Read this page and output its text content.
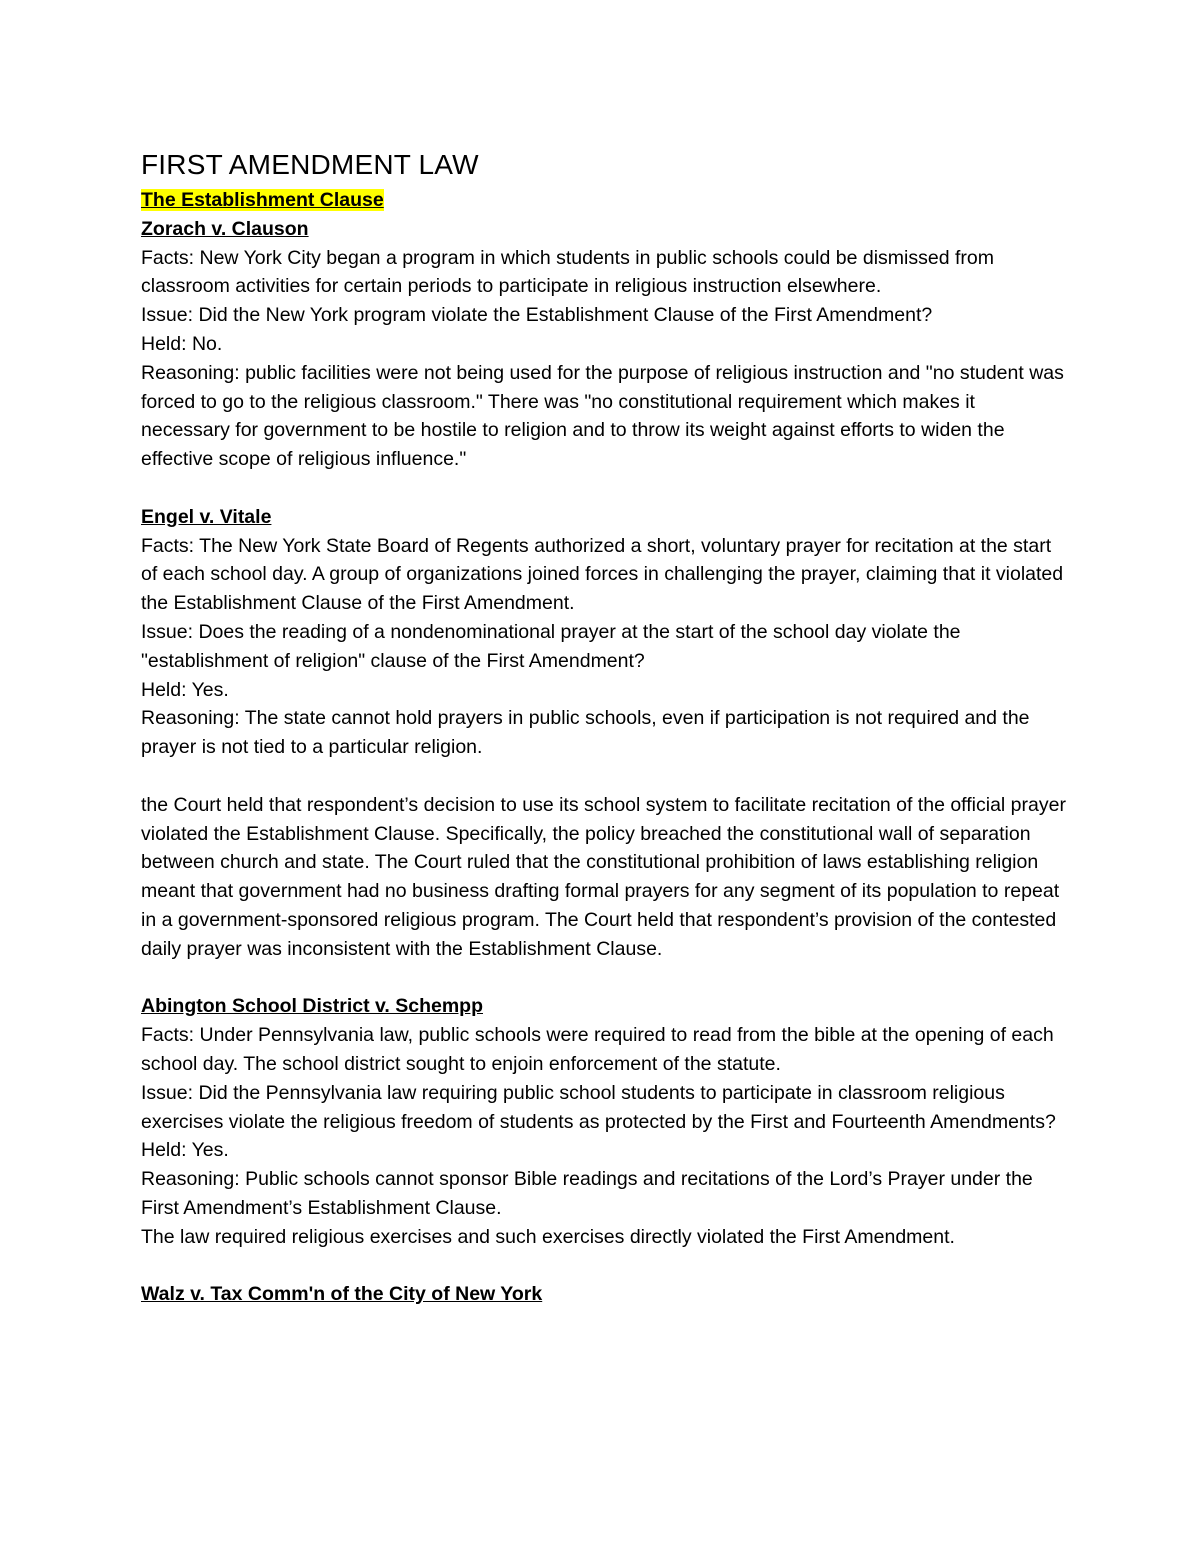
FIRST AMENDMENT LAW
The Establishment Clause
Zorach v. Clauson
Facts: New York City began a program in which students in public schools could be dismissed from classroom activities for certain periods to participate in religious instruction elsewhere.
Issue: Did the New York program violate the Establishment Clause of the First Amendment?
Held: No.
Reasoning: public facilities were not being used for the purpose of religious instruction and "no student was forced to go to the religious classroom." There was "no constitutional requirement which makes it necessary for government to be hostile to religion and to throw its weight against efforts to widen the effective scope of religious influence."
Engel v. Vitale
Facts: The New York State Board of Regents authorized a short, voluntary prayer for recitation at the start of each school day. A group of organizations joined forces in challenging the prayer, claiming that it violated the Establishment Clause of the First Amendment.
Issue: Does the reading of a nondenominational prayer at the start of the school day violate the "establishment of religion" clause of the First Amendment?
Held: Yes.
Reasoning: The state cannot hold prayers in public schools, even if participation is not required and the prayer is not tied to a particular religion.
the Court held that respondent’s decision to use its school system to facilitate recitation of the official prayer violated the Establishment Clause. Specifically, the policy breached the constitutional wall of separation between church and state. The Court ruled that the constitutional prohibition of laws establishing religion meant that government had no business drafting formal prayers for any segment of its population to repeat in a government-sponsored religious program. The Court held that respondent’s provision of the contested daily prayer was inconsistent with the Establishment Clause.
Abington School District v. Schempp
Facts: Under Pennsylvania law, public schools were required to read from the bible at the opening of each school day. The school district sought to enjoin enforcement of the statute.
Issue: Did the Pennsylvania law requiring public school students to participate in classroom religious exercises violate the religious freedom of students as protected by the First and Fourteenth Amendments?
Held: Yes.
Reasoning: Public schools cannot sponsor Bible readings and recitations of the Lord’s Prayer under the First Amendment’s Establishment Clause.
The law required religious exercises and such exercises directly violated the First Amendment.
Walz v. Tax Comm'n of the City of New York
